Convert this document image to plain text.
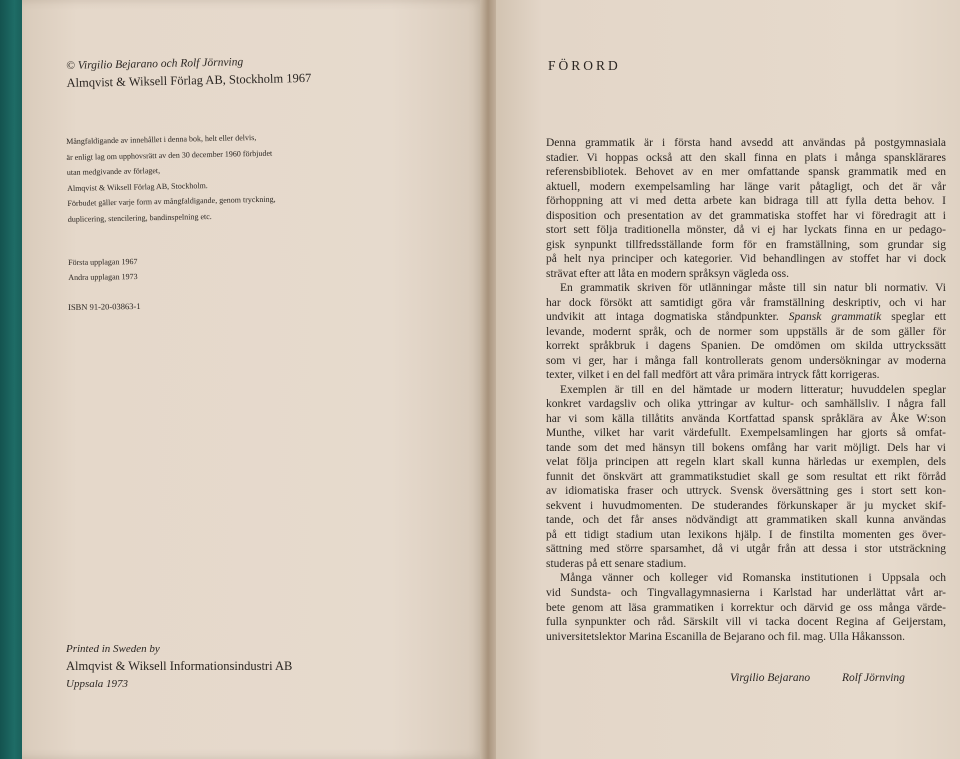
© Virgilio Bejarano och Rolf Jörnving
Almqvist & Wiksell Förlag AB, Stockholm 1967
Mångfaldigande av innehållet i denna bok, helt eller delvis,
är enligt lag om upphovsrätt av den 30 december 1960 förbjudet
utan medgivande av förlaget,
Almqvist & Wiksell Förlag AB, Stockholm.
Förbudet gäller varje form av mångfaldigande, genom tryckning,
duplicering, stencilering, bandinspelning etc.
Första upplagan 1967
Andra upplagan 1973
ISBN 91-20-03863-1
Printed in Sweden by
Almqvist & Wiksell Informationsindustri AB
Uppsala 1973
FÖRORD
Denna grammatik är i första hand avsedd att användas på postgymnasiala
stadier. Vi hoppas också att den skall finna en plats i många spansklärares
referensbibliotek. Behovet av en mer omfattande spansk grammatik med en
aktuell, modern exempelsamling har länge varit påtagligt, och det är vår
förhoppning att vi med detta arbete kan bidraga till att fylla detta behov. I
disposition och presentation av det grammatiska stoffet har vi föredragit att i
stort sett följa traditionella mönster, då vi ej har lyckats finna en ur pedago-
gisk synpunkt tillfredsställande form för en framställning, som grundar sig
på helt nya principer och kategorier. Vid behandlingen av stoffet har vi dock
strävat efter att låta en modern språksyn vägleda oss.
En grammatik skriven för utlänningar måste till sin natur bli normativ. Vi
har dock försökt att samtidigt göra vår framställning deskriptiv, och vi har
undvikit att intaga dogmatiska ståndpunkter. Spansk grammatik speglar ett
levande, modernt språk, och de normer som uppställs är de som gäller för
korrekt språkbruk i dagens Spanien. De omdömen om skilda uttryckssätt
som vi ger, har i många fall kontrollerats genom undersökningar av moderna
texter, vilket i en del fall medfört att våra primära intryck fått korrigeras.
Exemplen är till en del hämtade ur modern litteratur; huvuddelen speglar
konkret vardagsliv och olika yttringar av kultur- och samhällsliv. I några fall
har vi som källa tillåtits använda Kortfattad spansk språklära av Åke W:son
Munthe, vilket har varit värdefullt. Exempelsamlingen har gjorts så omfat-
tande som det med hänsyn till bokens omfång har varit möjligt. Dels har vi
velat följa principen att regeln klart skall kunna härledas ur exemplen, dels
funnit det önskvärt att grammatikstudiet skall ge som resultat ett rikt förråd
av idiomatiska fraser och uttryck. Svensk översättning ges i stort sett kon-
sekvent i huvudmomenten. De studerandes förkunskaper är ju mycket skif-
tande, och det får anses nödvändigt att grammatiken skall kunna användas
på ett tidigt stadium utan lexikons hjälp. I de finstilta momenten ges över-
sättning med större sparsamhet, då vi utgår från att dessa i stor utsträckning
studeras på ett senare stadium.
Många vänner och kolleger vid Romanska institutionen i Uppsala och
vid Sundsta- och Tingvallagymnasierna i Karlstad har underlättat vårt ar-
bete genom att läsa grammatiken i korrektur och därvid ge oss många värde-
fulla synpunkter och råd. Särskilt vill vi tacka docent Regina af Geijerstam,
universitetslektor Marina Escanilla de Bejarano och fil. mag. Ulla Håkansson.
Virgilio Bejarano	Rolf Jörnving
